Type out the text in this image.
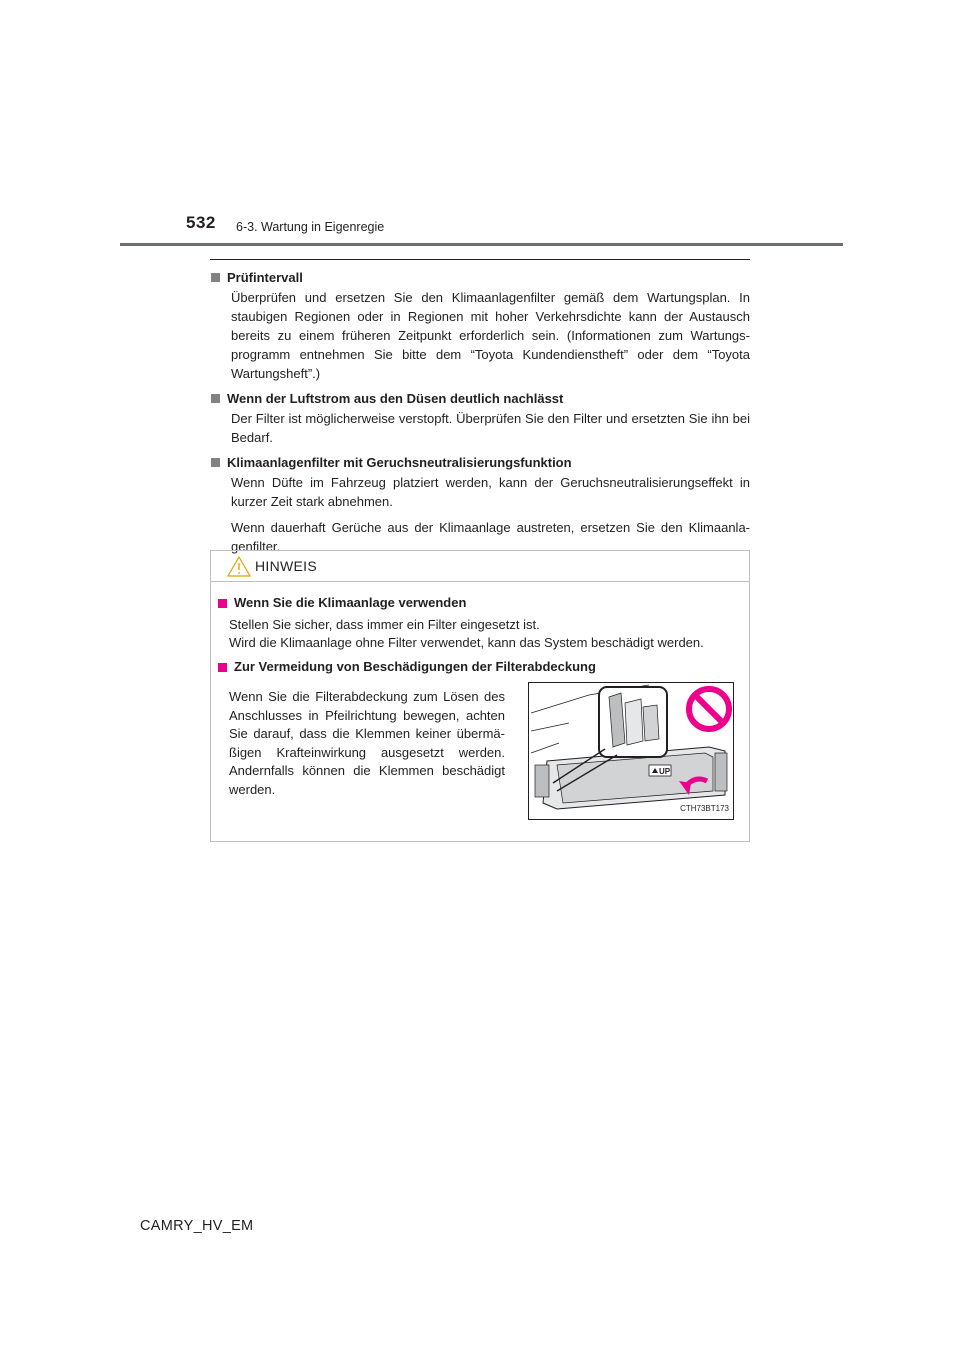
532 6-3. Wartung in Eigenregie

Prüfintervall

Überprüfen und ersetzen Sie den Klimaanlagenfilter gemäß dem Wartungsplan. In staubigen Regionen oder in Regionen mit hoher Verkehrsdichte kann der Austausch bereits zu einem früheren Zeitpunkt erforderlich sein. (Informationen zum Wartungs- programm entnehmen Sie bitte dem “Toyota Kundendienstheft” oder dem “Toyota Wartungsheft”.)

Wenn der Luftstrom aus den Düsen deutlich nachlässt

Der Filter ist möglicherweise verstopft. Überprüfen Sie den Filter und ersetzten Sie ihn bei Bedarf.

Klimaanlagenfilter mit Geruchsneutralisierungsfunktion

Wenn Düfte im Fahrzeug platziert werden, kann der Geruchsneutralisierungseffekt in kurzer Zeit stark abnehmen.

Wenn dauerhaft Gerüche aus der Klimaanlage austreten, ersetzen Sie den Klimaanla- genfilter.

HINWEIS

Wenn Sie die Klimaanlage verwenden

Stellen Sie sicher, dass immer ein Filter eingesetzt ist.

Wird die Klimaanlage ohne Filter verwendet, kann das System beschädigt werden.

Zur Vermeidung von Beschädigungen der Filterabdeckung

Wenn Sie die Filterabdeckung zum Lösen des Anschlusses in Pfeilrichtung bewegen, achten Sie darauf, dass die Klemmen keiner übermä- ßigen Krafteinwirkung ausgesetzt werden. Andernfalls können die Klemmen beschädigt werden.

UP
CTH73BT173
CAMRY_HV_EM
